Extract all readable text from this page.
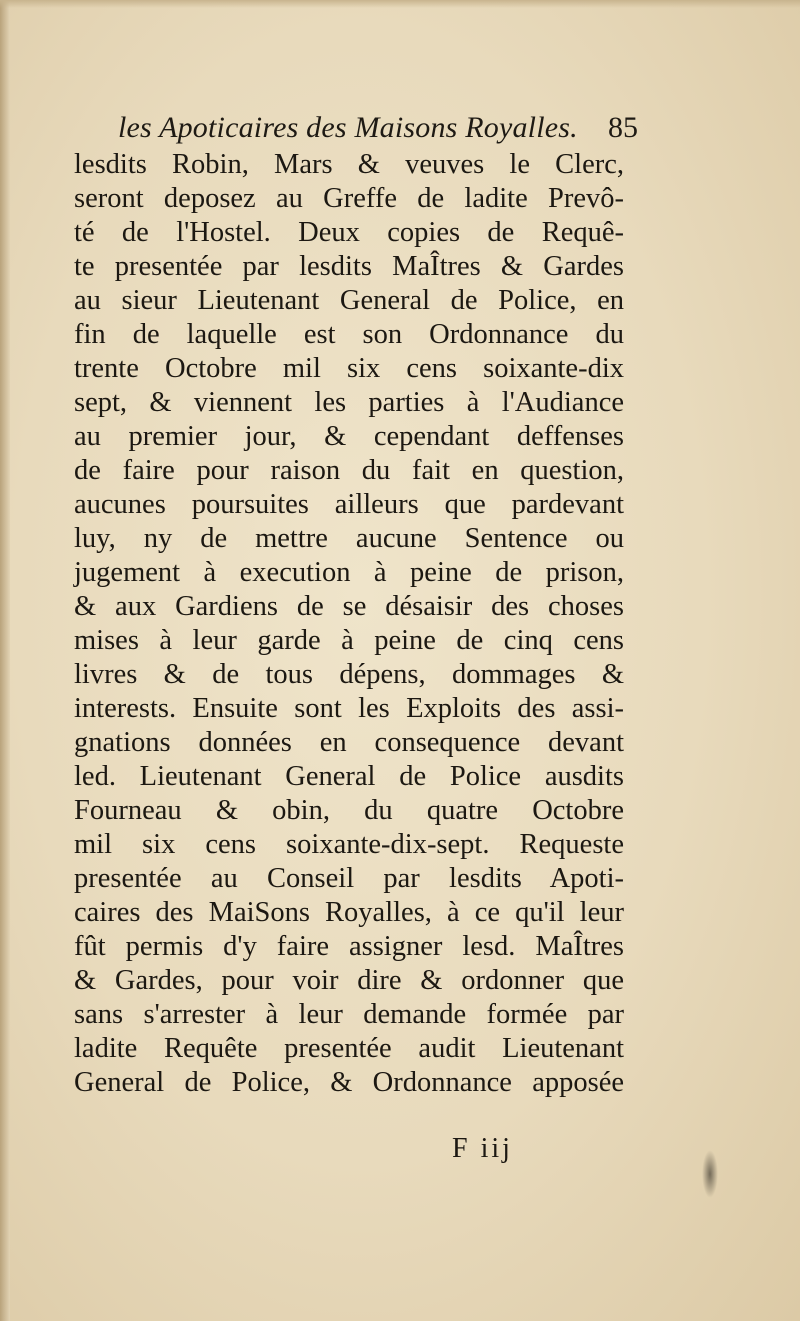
les Apoticaires des Maisons Royalles. 85
lesdits Robin, Mars & veuves le Clerc,
seront deposez au Greffe de ladite Prevô-
té de l'Hostel. Deux copies de Requê-
te presentée par lesdits MaÎtres & Gardes
au sieur Lieutenant General de Police, en
fin de laquelle est son Ordonnance du
trente Octobre mil six cens soixante-dix
sept, & viennent les parties à l'Audiance
au premier jour, & cependant deffenses
de faire pour raison du fait en question,
aucunes poursuites ailleurs que pardevant
luy, ny de mettre aucune Sentence ou
jugement à execution à peine de prison,
& aux Gardiens de se désaisir des choses
mises à leur garde à peine de cinq cens
livres & de tous dépens, dommages &
interests. Ensuite sont les Exploits des assi-
gnations données en consequence devant
led. Lieutenant General de Police ausdits
Fourneau & obin, du quatre Octobre
mil six cens soixante-dix-sept. Requeste
presentée au Conseil par lesdits Apoti-
caires des MaiSons Royalles, à ce qu'il leur
fût permis d'y faire assigner lesd. MaÎtres
& Gardes, pour voir dire & ordonner que
sans s'arrester à leur demande formée par
ladite Requête presentée audit Lieutenant
General de Police, & Ordonnance apposée
F iij
